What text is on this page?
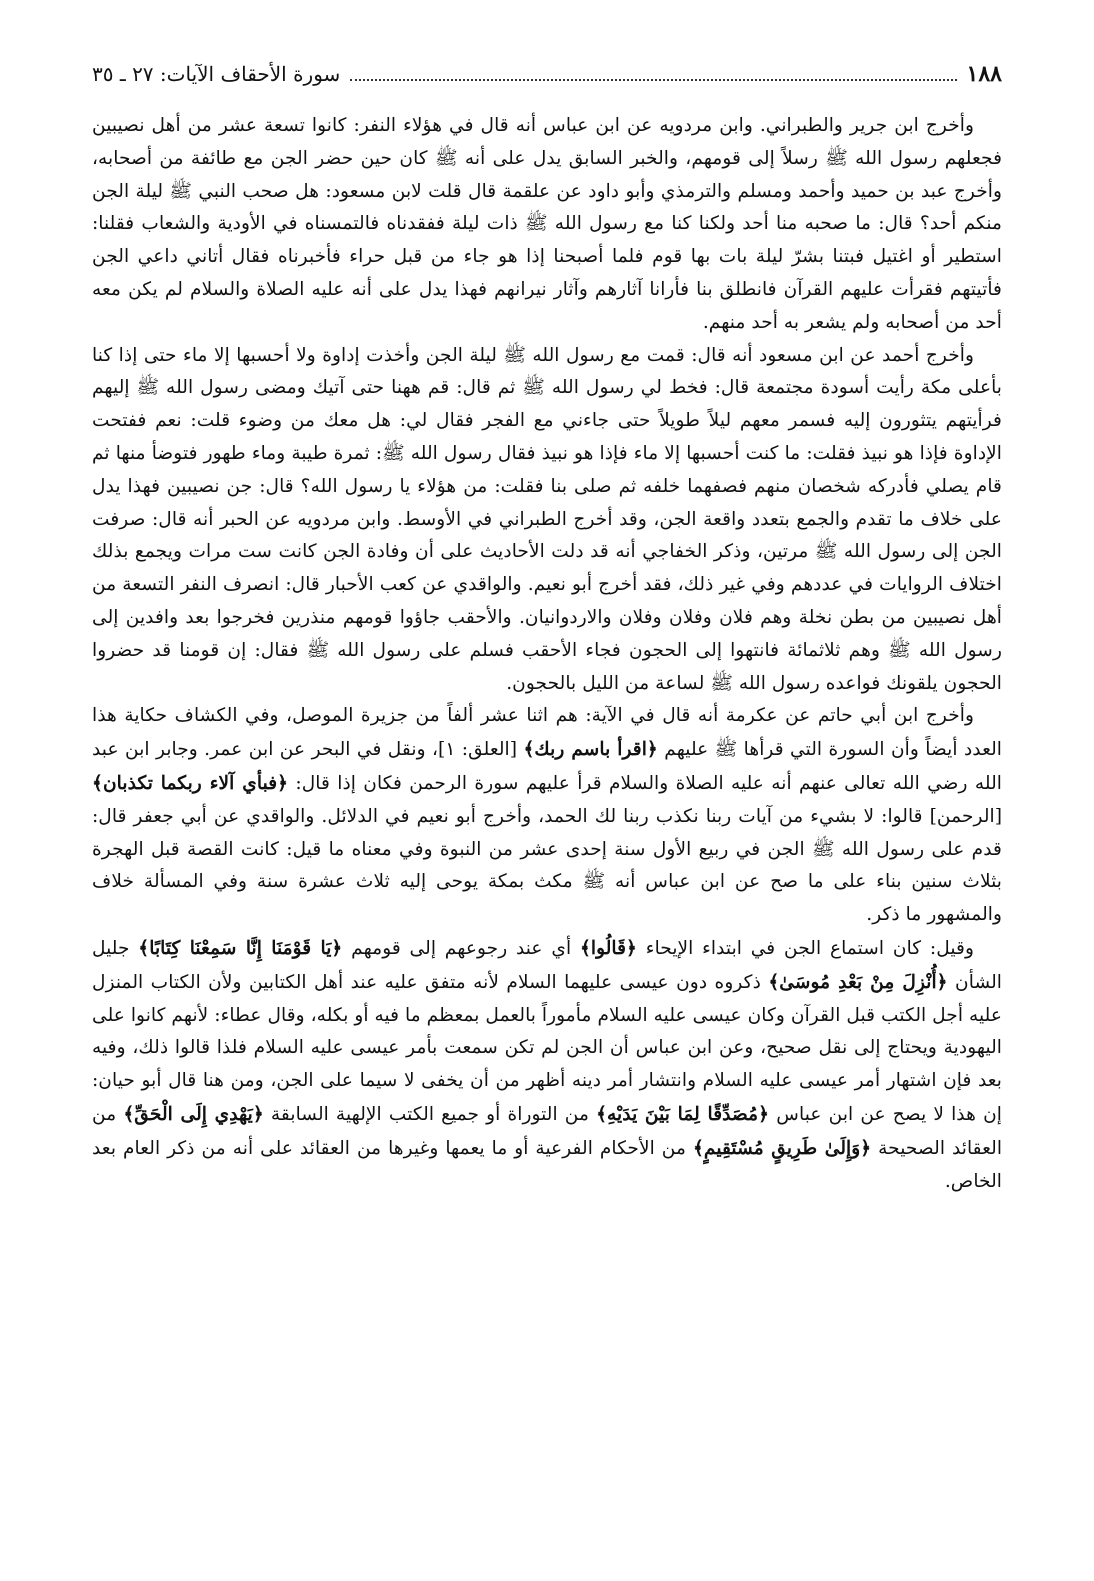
١٨٨
سورة الأحقاف الآيات: ٢٧ ـ ٣٥

وأخرج ابن جرير والطبراني. وابن مردويه عن ابن عباس أنه قال في هؤلاء النفر: كانوا تسعة عشر من أهل نصيبين فجعلهم رسول الله ﷺ رسلاً إلى قومهم، والخبر السابق يدل على أنه ﷺ كان حين حضر الجن مع طائفة من أصحابه، وأخرج عبد بن حميد وأحمد ومسلم والترمذي وأبو داود عن علقمة قال قلت لابن مسعود: هل صحب النبي ﷺ ليلة الجن منكم أحد؟ قال: ما صحبه منا أحد ولكنا كنا مع رسول الله ﷺ ذات ليلة ففقدناه فالتمسناه في الأودية والشعاب فقلنا: استطير أو اغتيل فبتنا بشرّ ليلة بات بها قوم فلما أصبحنا إذا هو جاء من قبل حراء فأخبرناه فقال أتاني داعي الجن فأتيتهم فقرأت عليهم القرآن فانطلق بنا فأرانا آثارهم وآثار نيرانهم فهذا يدل على أنه عليه الصلاة والسلام لم يكن معه أحد من أصحابه ولم يشعر به أحد منهم.

وأخرج أحمد عن ابن مسعود أنه قال: قمت مع رسول الله ﷺ ليلة الجن وأخذت إداوة ولا أحسبها إلا ماء حتى إذا كنا بأعلى مكة رأيت أسودة مجتمعة قال: فخط لي رسول الله ﷺ ثم قال: قم ههنا حتى آتيك ومضى رسول الله ﷺ إليهم فرأيتهم يتثورون إليه فسمر معهم ليلاً طويلاً حتى جاءني مع الفجر فقال لي: هل معك من وضوء قلت: نعم ففتحت الإداوة فإذا هو نبيذ فقلت: ما كنت أحسبها إلا ماء فإذا هو نبيذ فقال رسول الله ﷺ: ثمرة طيبة وماء طهور فتوضأ منها ثم قام يصلي فأدركه شخصان منهم فصفهما خلفه ثم صلى بنا فقلت: من هؤلاء يا رسول الله؟ قال: جن نصيبين فهذا يدل على خلاف ما تقدم والجمع بتعدد واقعة الجن، وقد أخرج الطبراني في الأوسط. وابن مردويه عن الحبر أنه قال: صرفت الجن إلى رسول الله ﷺ مرتين، وذكر الخفاجي أنه قد دلت الأحاديث على أن وفادة الجن كانت ست مرات ويجمع بذلك اختلاف الروايات في عددهم وفي غير ذلك، فقد أخرج أبو نعيم. والواقدي عن كعب الأحبار قال: انصرف النفر التسعة من أهل نصيبين من بطن نخلة وهم فلان وفلان وفلان والاردوانيان. والأحقب جاؤوا قومهم منذرين فخرجوا بعد وافدين إلى رسول الله ﷺ وهم ثلاثمائة فانتهوا إلى الحجون فجاء الأحقب فسلم على رسول الله ﷺ فقال: إن قومنا قد حضروا الحجون يلقونك فواعده رسول الله ﷺ لساعة من الليل بالحجون.

وأخرج ابن أبي حاتم عن عكرمة أنه قال في الآية: هم اثنا عشر ألفاً من جزيرة الموصل، وفي الكشاف حكاية هذا العدد أيضاً وأن السورة التي قرأها ﷺ عليهم ﴿اقرأ باسم ربك﴾ [العلق: ١]، ونقل في البحر عن ابن عمر. وجابر ابن عبد الله رضي الله تعالى عنهم أنه عليه الصلاة والسلام قرأ عليهم سورة الرحمن فكان إذا قال: ﴿فبأي آلاء ربكما تكذبان﴾ [الرحمن] قالوا: لا بشيء من آيات ربنا نكذب ربنا لك الحمد، وأخرج أبو نعيم في الدلائل. والواقدي عن أبي جعفر قال: قدم على رسول الله ﷺ الجن في ربيع الأول سنة إحدى عشر من النبوة وفي معناه ما قيل: كانت القصة قبل الهجرة بثلاث سنين بناء على ما صح عن ابن عباس أنه ﷺ مكث بمكة يوحى إليه ثلاث عشرة سنة وفي المسألة خلاف والمشهور ما ذكر.

وقيل: كان استماع الجن في ابتداء الإيحاء ﴿قَالُوا﴾ أي عند رجوعهم إلى قومهم ﴿يَا قَوْمَنَا إِنَّا سَمِعْنَا كِتَابًا﴾ جليل الشأن ﴿أُنْزِلَ مِنْ بَعْدِ مُوسَىٰ﴾ ذكروه دون عيسى عليهما السلام لأنه متفق عليه عند أهل الكتابين ولأن الكتاب المنزل عليه أجل الكتب قبل القرآن وكان عيسى عليه السلام مأموراً بالعمل بمعظم ما فيه أو بكله، وقال عطاء: لأنهم كانوا على اليهودية ويحتاج إلى نقل صحيح، وعن ابن عباس أن الجن لم تكن سمعت بأمر عيسى عليه السلام فلذا قالوا ذلك، وفيه بعد فإن اشتهار أمر عيسى عليه السلام وانتشار أمر دينه أظهر من أن يخفى لا سيما على الجن، ومن هنا قال أبو حيان: إن هذا لا يصح عن ابن عباس ﴿مُصَدِّقًا لِمَا بَيْنَ يَدَيْهِ﴾ من التوراة أو جميع الكتب الإلهية السابقة ﴿يَهْدِي إِلَى الْحَقِّ﴾ من العقائد الصحيحة ﴿وَإِلَىٰ طَرِيقٍ مُسْتَقِيمٍ﴾ من الأحكام الفرعية أو ما يعمها وغيرها من العقائد على أنه من ذكر العام بعد الخاص.
